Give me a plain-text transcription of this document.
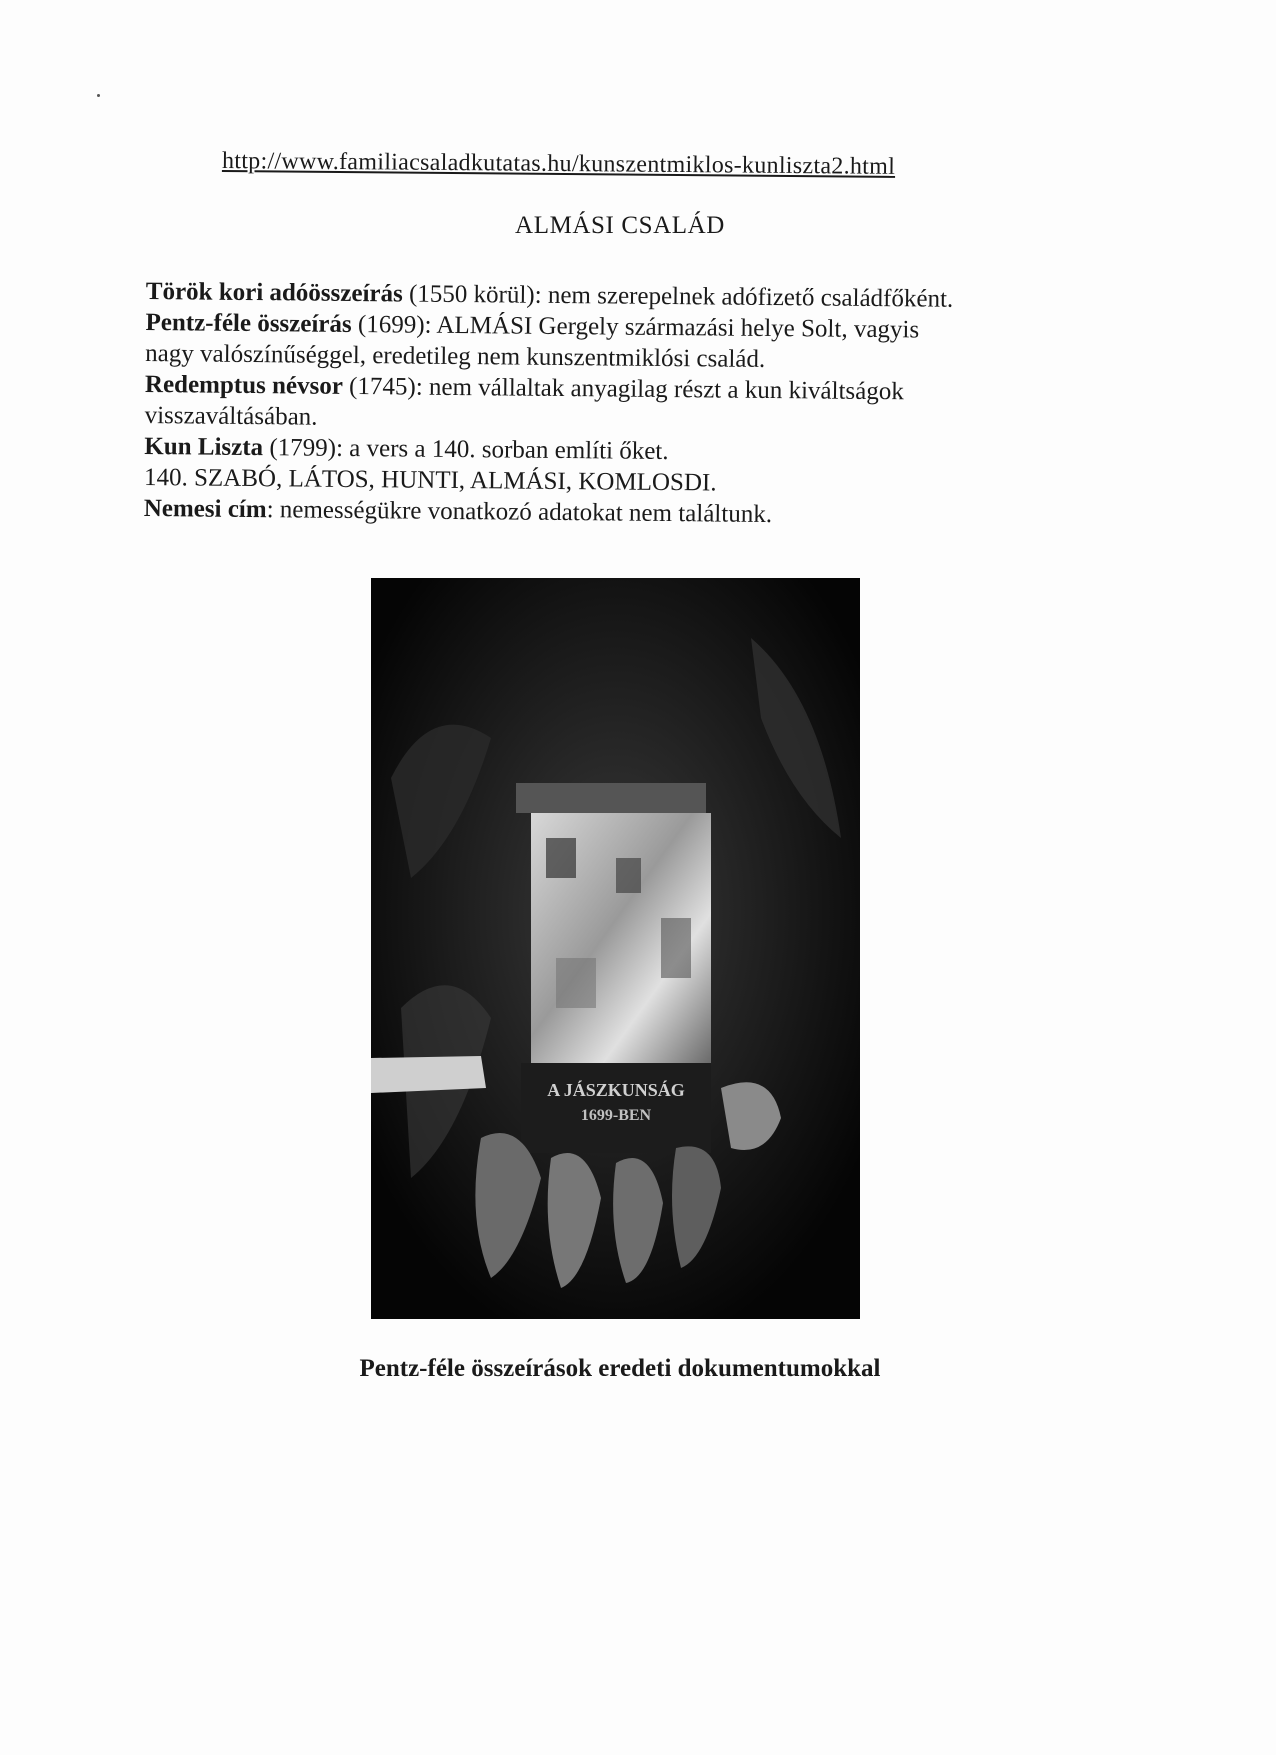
http://www.familiacsaladkutatas.hu/kunszentmiklos-kunliszta2.html
ALMÁSI CSALÁD

Török kori adóösszeírás (1550 körül): nem szerepelnek adófizető családfőként.

Pentz-féle összeírás (1699): ALMÁSI Gergely származási helye Solt, vagyis

nagy valószínűséggel, eredetileg nem kunszentmiklósi család.

Redemptus névsor (1745): nem vállaltak anyagilag részt a kun kiváltságok

visszaváltásában.

Kun Liszta (1799): a vers a 140. sorban említi őket.

140. SZABÓ, LÁTOS, HUNTI, ALMÁSI, KOMLOSDI.

Nemesi cím: nemességükre vonatkozó adatokat nem találtunk.

A JÁSZKUNSÁG
1699-BEN
Pentz-féle összeírások eredeti dokumentumokkal
